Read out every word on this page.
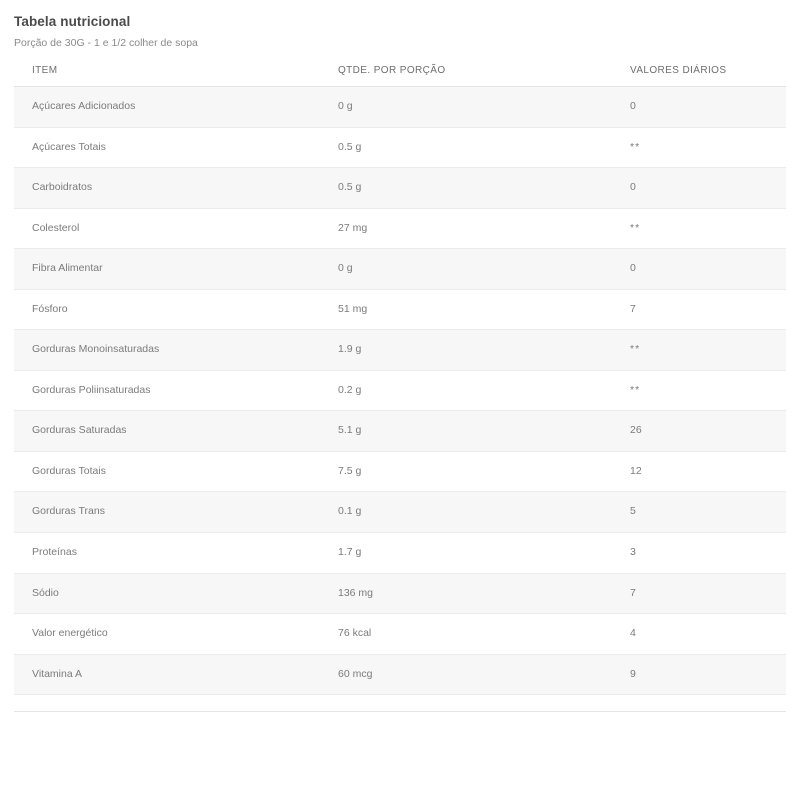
Tabela nutricional
Porção de 30G - 1 e 1/2 colher de sopa
ITEM	QTDE. POR PORÇÃO	VALORES DIÁRIOS
Açúcares Adicionados	0 g	0
Açúcares Totais	0.5 g	**
Carboidratos	0.5 g	0
Colesterol	27 mg	**
Fibra Alimentar	0 g	0
Fósforo	51 mg	7
Gorduras Monoinsaturadas	1.9 g	**
Gorduras Poliinsaturadas	0.2 g	**
Gorduras Saturadas	5.1 g	26
Gorduras Totais	7.5 g	12
Gorduras Trans	0.1 g	5
Proteínas	1.7 g	3
Sódio	136 mg	7
Valor energético	76 kcal	4
Vitamina A	60 mcg	9
